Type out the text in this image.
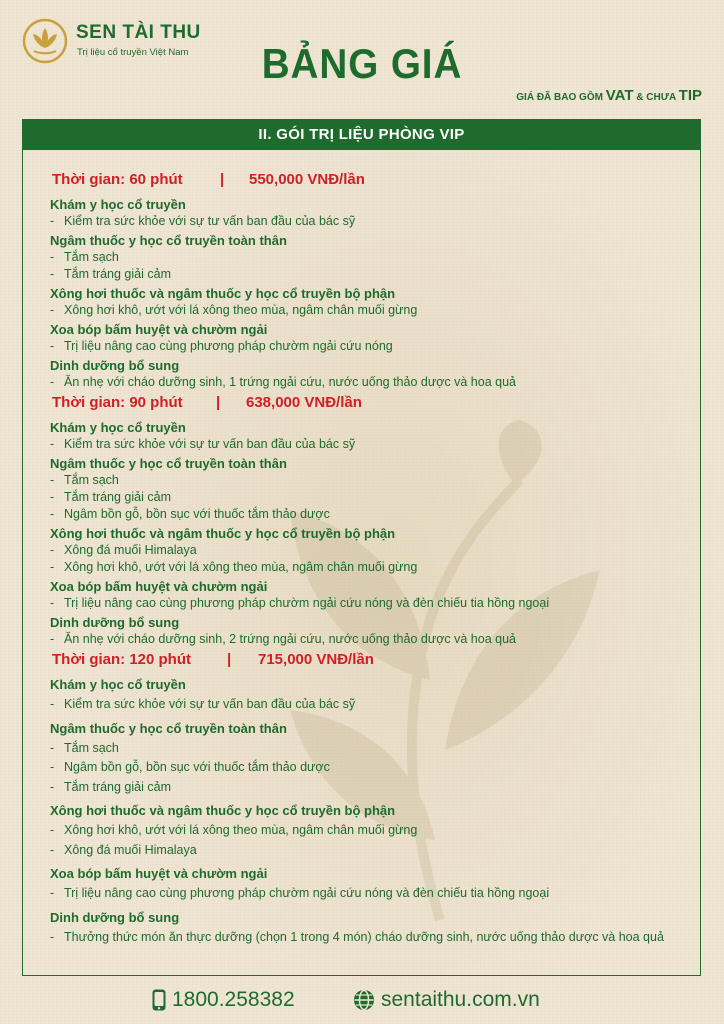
SEN TÀI THU
Trị liệu cổ truyền Việt Nam	BẢNG GIÁ
GIÁ ĐÃ BAO GỒM VAT & CHƯA TIP
II. GÓI TRỊ LIỆU PHÒNG VIP
Thời gian: 60 phút | 550,000 VNĐ/lần
Khám y học cổ truyền
- Kiểm tra sức khỏe với sự tư vấn ban đầu của bác sỹ
Ngâm thuốc y học cổ truyền toàn thân
- Tắm sạch
- Tắm tráng giải cảm
Xông hơi thuốc và ngâm thuốc y học cổ truyền bộ phận
- Xông hơi khô, ướt với lá xông theo mùa, ngâm chân muối gừng
Xoa bóp bấm huyệt và chườm ngải
- Trị liệu nâng cao cùng phương pháp chườm ngải cứu nóng
Dinh dưỡng bổ sung
- Ăn nhẹ với cháo dưỡng sinh, 1 trứng ngải cứu, nước uống thảo dược và hoa quả
Thời gian: 90 phút | 638,000 VNĐ/lần
Khám y học cổ truyền
- Kiểm tra sức khỏe với sự tư vấn ban đầu của bác sỹ
Ngâm thuốc y học cổ truyền toàn thân
- Tắm sạch
- Tắm tráng giải cảm
- Ngâm bồn gỗ, bồn sục với thuốc tắm thảo dược
Xông hơi thuốc và ngâm thuốc y học cổ truyền bộ phận
- Xông đá muối Himalaya
- Xông hơi khô, ướt với lá xông theo mùa, ngâm chân muối gừng
Xoa bóp bấm huyệt và chườm ngải
- Trị liệu nâng cao cùng phương pháp chườm ngải cứu nóng và đèn chiếu tia hồng ngoại
Dinh dưỡng bổ sung
- Ăn nhẹ với cháo dưỡng sinh, 2 trứng ngải cứu, nước uống thảo dược và hoa quả
Thời gian: 120 phút | 715,000 VNĐ/lần
Khám y học cổ truyền
- Kiểm tra sức khỏe với sự tư vấn ban đầu của bác sỹ
Ngâm thuốc y học cổ truyền toàn thân
- Tắm sạch
- Ngâm bồn gỗ, bồn sục với thuốc tắm thảo dược
- Tắm tráng giải cảm
Xông hơi thuốc và ngâm thuốc y học cổ truyền bộ phận
- Xông hơi khô, ướt với lá xông theo mùa, ngâm chân muối gừng
- Xông đá muối Himalaya
Xoa bóp bấm huyệt và chườm ngải
- Trị liệu nâng cao cùng phương pháp chườm ngải cứu nóng và đèn chiếu tia hồng ngoại
Dinh dưỡng bổ sung
- Thưởng thức món ăn thực dưỡng (chọn 1 trong 4 món) cháo dưỡng sinh, nước uống thảo dược và hoa quả
1800.258382	sentaithu.com.vn
